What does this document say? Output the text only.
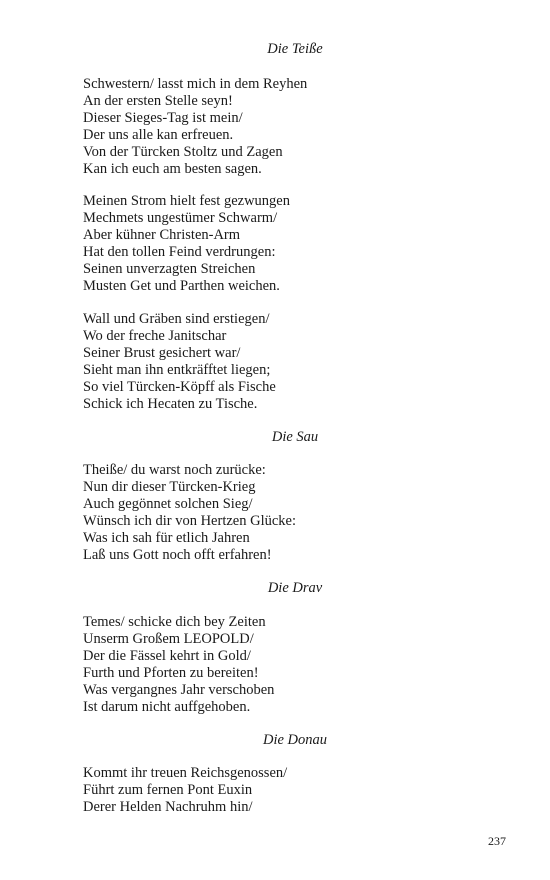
Die Teiße
Schwestern/ lasst mich in dem Reyhen
An der ersten Stelle seyn!
Dieser Sieges-Tag ist mein/
Der uns alle kan erfreuen.
Von der Türcken Stoltz und Zagen
Kan ich euch am besten sagen.
Meinen Strom hielt fest gezwungen
Mechmets ungestümer Schwarm/
Aber kühner Christen-Arm
Hat den tollen Feind verdrungen:
Seinen unverzagten Streichen
Musten Get und Parthen weichen.
Wall und Gräben sind erstiegen/
Wo der freche Janitschar
Seiner Brust gesichert war/
Sieht man ihn entkräfftet liegen;
So viel Türcken-Köpff als Fische
Schick ich Hecaten zu Tische.
Die Sau
Theiße/ du warst noch zurücke:
Nun dir dieser Türcken-Krieg
Auch gegönnet solchen Sieg/
Wünsch ich dir von Hertzen Glücke:
Was ich sah für etlich Jahren
Laß uns Gott noch offt erfahren!
Die Drav
Temes/ schicke dich bey Zeiten
Unserm Großem LEOPOLD/
Der die Fässel kehrt in Gold/
Furth und Pforten zu bereiten!
Was vergangnes Jahr verschoben
Ist darum nicht auffgehoben.
Die Donau
Kommt ihr treuen Reichsgenossen/
Führt zum fernen Pont Euxin
Derer Helden Nachruhm hin/
237
